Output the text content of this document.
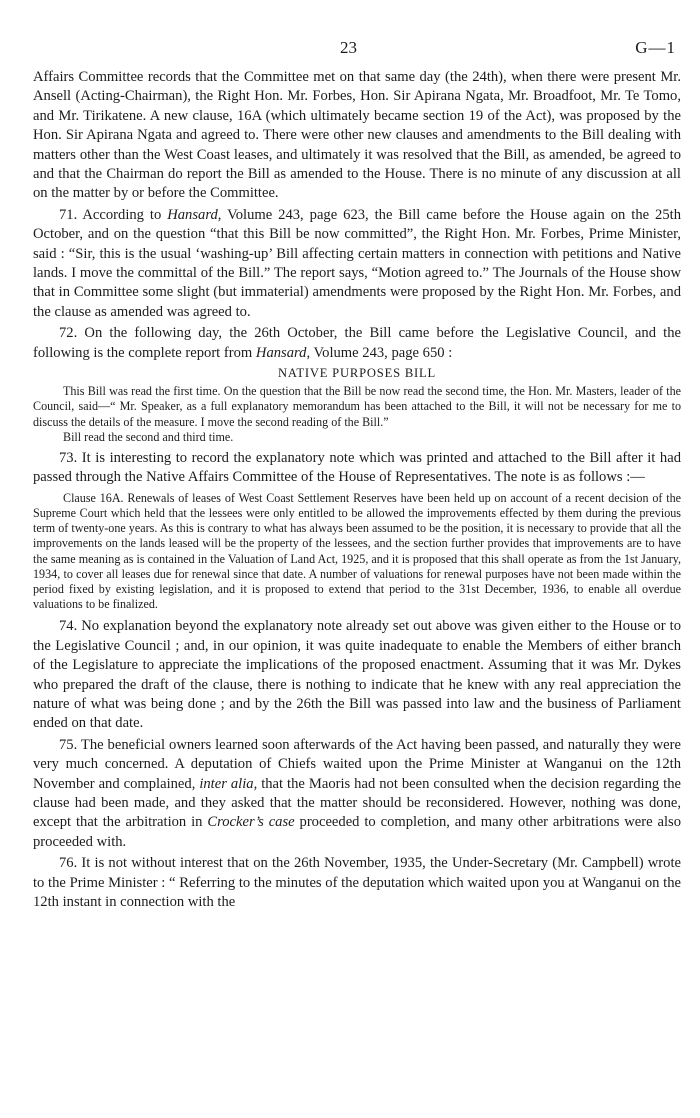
23	G—1

Affairs Committee records that the Committee met on that same day (the 24th), when there were present Mr. Ansell (Acting-Chairman), the Right Hon. Mr. Forbes, Hon. Sir Apirana Ngata, Mr. Broadfoot, Mr. Te Tomo, and Mr. Tirikatene. A new clause, 16A (which ultimately became section 19 of the Act), was proposed by the Hon. Sir Apirana Ngata and agreed to. There were other new clauses and amendments to the Bill dealing with matters other than the West Coast leases, and ultimately it was resolved that the Bill, as amended, be agreed to and that the Chairman do report the Bill as amended to the House. There is no minute of any discussion at all on the matter by or before the Committee.

71. According to Hansard, Volume 243, page 623, the Bill came before the House again on the 25th October, and on the question “that this Bill be now committed”, the Right Hon. Mr. Forbes, Prime Minister, said : “Sir, this is the usual ‘washing-up’ Bill affecting certain matters in connection with petitions and Native lands. I move the committal of the Bill.” The report says, “Motion agreed to.” The Journals of the House show that in Committee some slight (but immaterial) amendments were proposed by the Right Hon. Mr. Forbes, and the clause as amended was agreed to.

72. On the following day, the 26th October, the Bill came before the Legislative Council, and the following is the complete report from Hansard, Volume 243, page 650 :

NATIVE PURPOSES BILL

This Bill was read the first time. On the question that the Bill be now read the second time, the Hon. Mr. Masters, leader of the Council, said—“ Mr. Speaker, as a full explanatory memorandum has been attached to the Bill, it will not be necessary for me to discuss the details of the measure. I move the second reading of the Bill.”

Bill read the second and third time.

73. It is interesting to record the explanatory note which was printed and attached to the Bill after it had passed through the Native Affairs Committee of the House of Representatives. The note is as follows :—

Clause 16A. Renewals of leases of West Coast Settlement Reserves have been held up on account of a recent decision of the Supreme Court which held that the lessees were only entitled to be allowed the improvements effected by them during the previous term of twenty-one years. As this is contrary to what has always been assumed to be the position, it is necessary to provide that all the improvements on the lands leased will be the property of the lessees, and the section further provides that improvements are to have the same meaning as is contained in the Valuation of Land Act, 1925, and it is proposed that this shall operate as from the 1st January, 1934, to cover all leases due for renewal since that date. A number of valuations for renewal purposes have not been made within the period fixed by existing legislation, and it is proposed to extend that period to the 31st December, 1936, to enable all overdue valuations to be finalized.

74. No explanation beyond the explanatory note already set out above was given either to the House or to the Legislative Council ; and, in our opinion, it was quite inadequate to enable the Members of either branch of the Legislature to appreciate the implications of the proposed enactment. Assuming that it was Mr. Dykes who prepared the draft of the clause, there is nothing to indicate that he knew with any real appreciation the nature of what was being done ; and by the 26th the Bill was passed into law and the business of Parliament ended on that date.

75. The beneficial owners learned soon afterwards of the Act having been passed, and naturally they were very much concerned. A deputation of Chiefs waited upon the Prime Minister at Wanganui on the 12th November and complained, inter alia, that the Maoris had not been consulted when the decision regarding the clause had been made, and they asked that the matter should be reconsidered. However, nothing was done, except that the arbitration in Crocker’s case proceeded to completion, and many other arbitrations were also proceeded with.

76. It is not without interest that on the 26th November, 1935, the Under-Secretary (Mr. Campbell) wrote to the Prime Minister : “ Referring to the minutes of the deputation which waited upon you at Wanganui on the 12th instant in connection with the
